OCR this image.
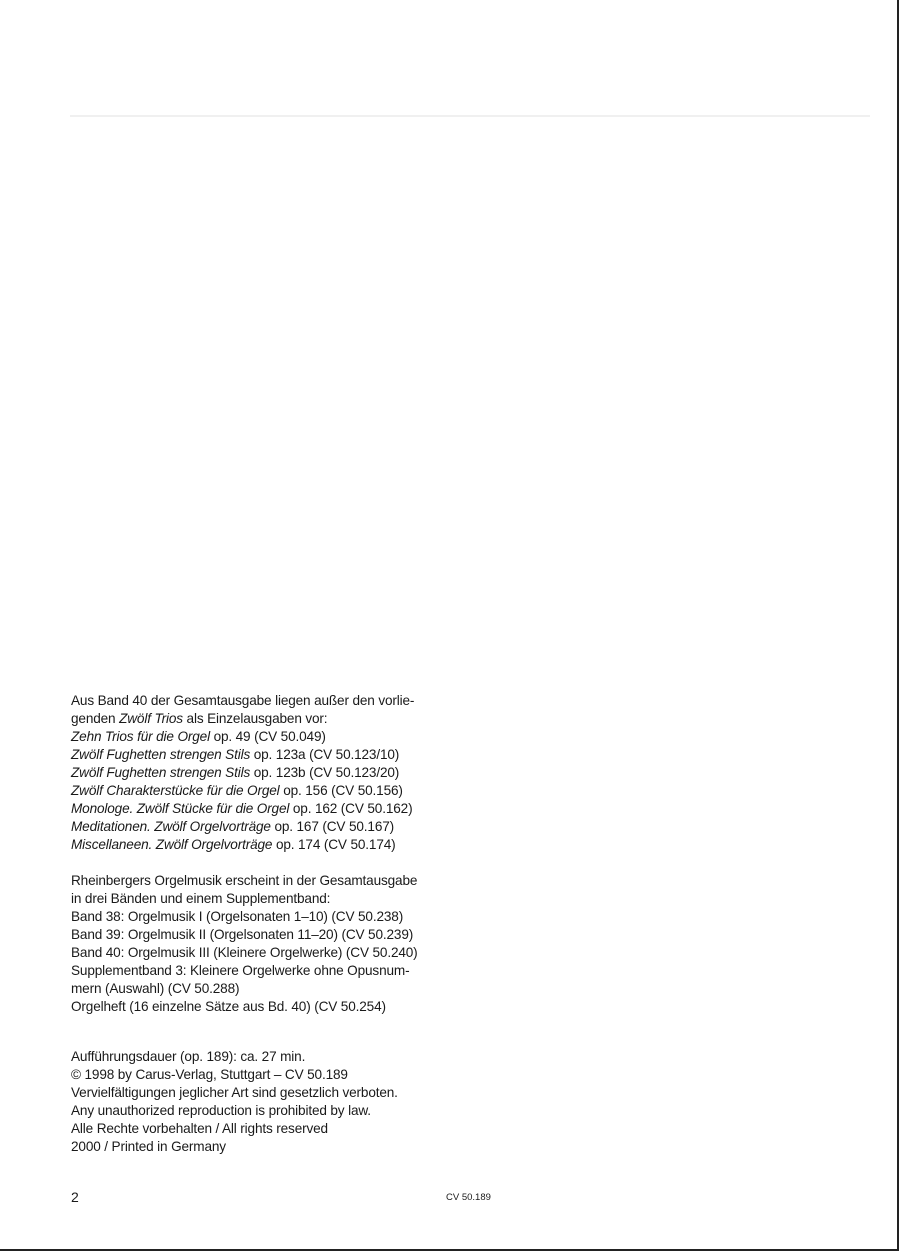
Aus Band 40 der Gesamtausgabe liegen außer den vorlie-
genden Zwölf Trios als Einzelausgaben vor:
Zehn Trios für die Orgel op. 49 (CV 50.049)
Zwölf Fughetten strengen Stils op. 123a (CV 50.123/10)
Zwölf Fughetten strengen Stils op. 123b (CV 50.123/20)
Zwölf Charakterstücke für die Orgel op. 156 (CV 50.156)
Monologe. Zwölf Stücke für die Orgel op. 162 (CV 50.162)
Meditationen. Zwölf Orgelvorträge op. 167 (CV 50.167)
Miscellaneen. Zwölf Orgelvorträge op. 174 (CV 50.174)
Rheinbergers Orgelmusik erscheint in der Gesamtausgabe
in drei Bänden und einem Supplementband:
Band 38: Orgelmusik I (Orgelsonaten 1–10) (CV 50.238)
Band 39: Orgelmusik II (Orgelsonaten 11–20) (CV 50.239)
Band 40: Orgelmusik III (Kleinere Orgelwerke) (CV 50.240)
Supplementband 3: Kleinere Orgelwerke ohne Opusnum-
mern (Auswahl) (CV 50.288)
Orgelheft (16 einzelne Sätze aus Bd. 40) (CV 50.254)
Aufführungsdauer (op. 189): ca. 27 min.
© 1998 by Carus-Verlag, Stuttgart – CV 50.189
Vervielfältigungen jeglicher Art sind gesetzlich verboten.
Any unauthorized reproduction is prohibited by law.
Alle Rechte vorbehalten / All rights reserved
2000 / Printed in Germany
2	CV 50.189
